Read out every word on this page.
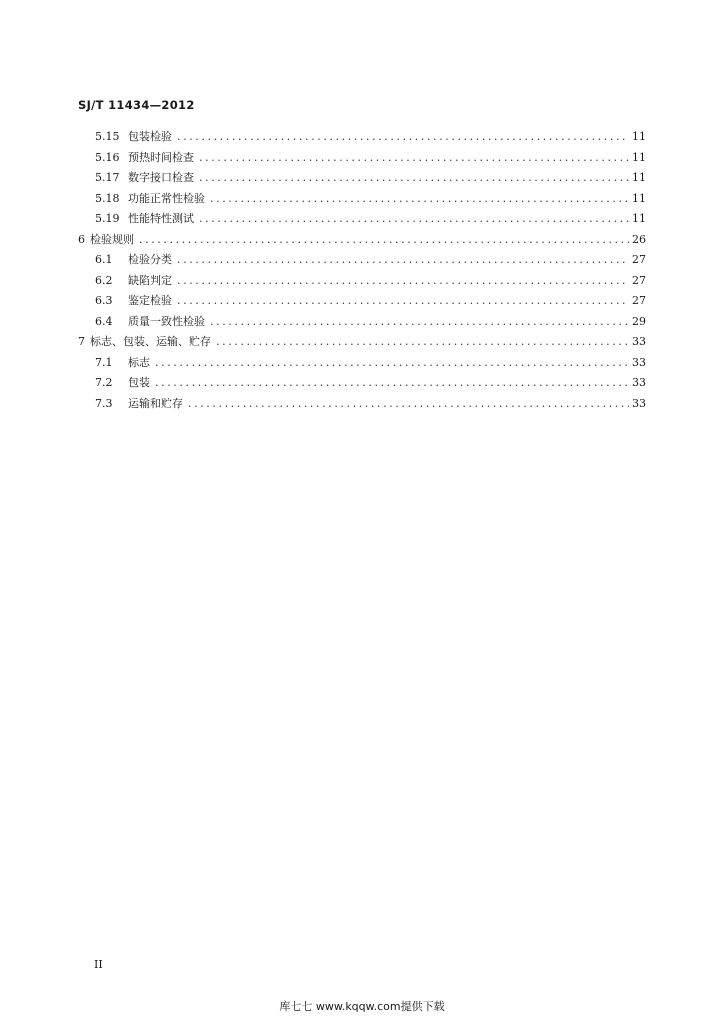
SJ/T 11434—2012
5.15 包装检验 .....	11
5.16 预热时间检查 .....	11
5.17 数字接口检查 .....	11
5.18 功能正常性检验 .....	11
5.19 性能特性测试 .....	11
6 检验规则 .....	26
6.1	检验分类 .....	27
6.2	缺陷判定 .....	27
6.3	鉴定检验 .....	27
6.4	质量一致性检验 .....	29
7 标志、包装、运输、贮存 .....	33
7.1	标志 .....	33
7.2	包装 .....	33
7.3	运输和贮存 .....	33
II
库七七 www.kqqw.com提供下载
